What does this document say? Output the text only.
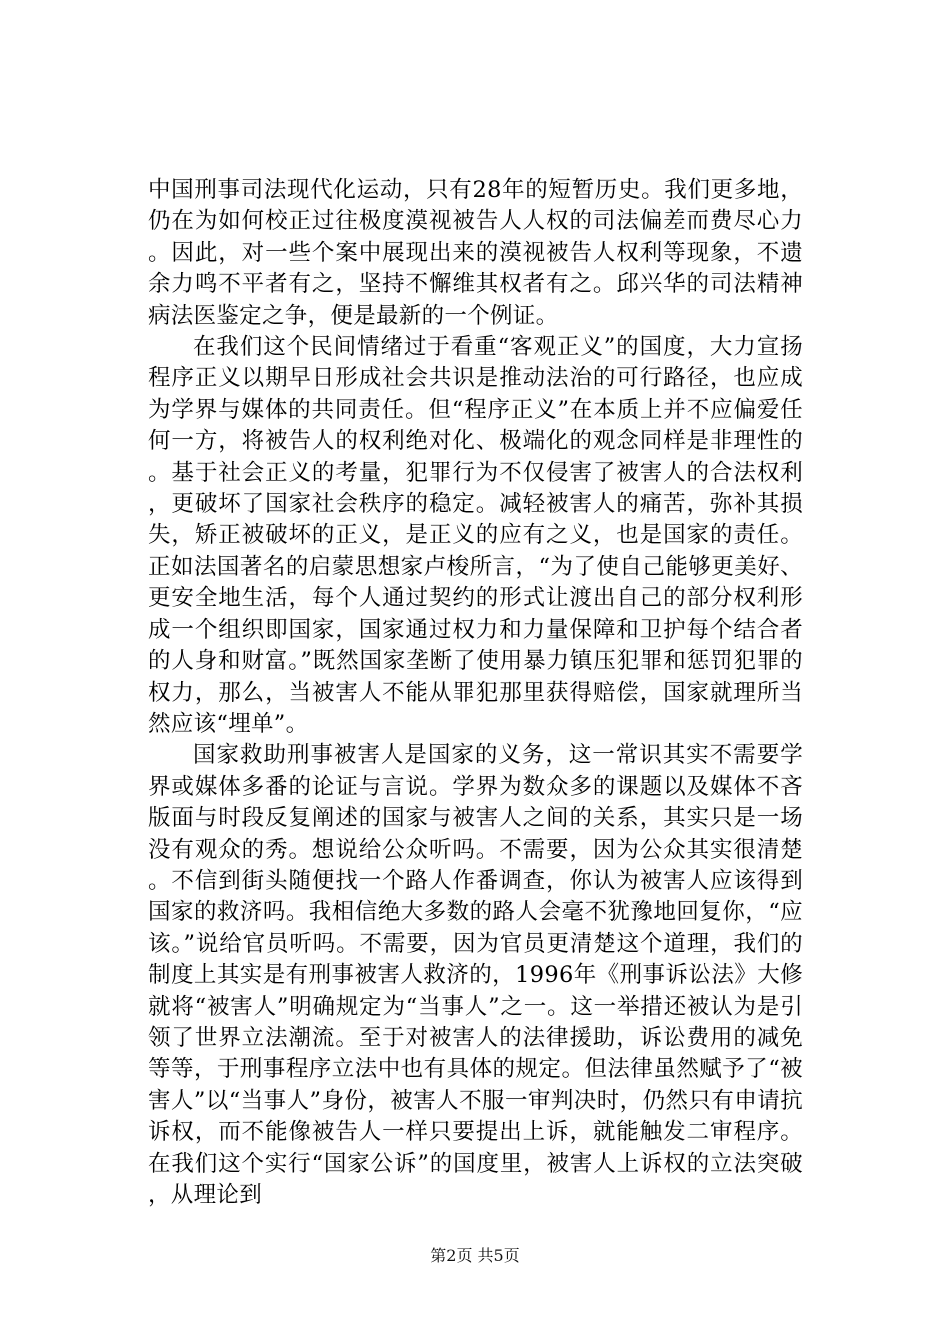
中国刑事司法现代化运动，只有28年的短暂历史。我们更多地，仍在为如何校正过往极度漠视被告人人权的司法偏差而费尽心力。因此，对一些个案中展现出来的漠视被告人权利等现象，不遗余力鸣不平者有之，坚持不懈维其权者有之。邱兴华的司法精神病法医鉴定之争，便是最新的一个例证。

在我们这个民间情绪过于看重“客观正义”的国度，大力宣扬程序正义以期早日形成社会共识是推动法治的可行路径，也应成为学界与媒体的共同责任。但“程序正义”在本质上并不应偏爱任何一方，将被告人的权利绝对化、极端化的观念同样是非理性的。基于社会正义的考量，犯罪行为不仅侵害了被害人的合法权利，更破坏了国家社会秩序的稳定。减轻被害人的痛苦，弥补其损失，矫正被破坏的正义，是正义的应有之义，也是国家的责任。正如法国著名的启蒙思想家卢梭所言，“为了使自己能够更美好、更安全地生活，每个人通过契约的形式让渡出自己的部分权利形成一个组织即国家，国家通过权力和力量保障和卫护每个结合者的人身和财富。”既然国家垄断了使用暴力镇压犯罪和惩罚犯罪的权力，那么，当被害人不能从罪犯那里获得赔偿，国家就理所当然应该“埋单”。

国家救助刑事被害人是国家的义务，这一常识其实不需要学界或媒体多番的论证与言说。学界为数众多的课题以及媒体不吝版面与时段反复阐述的国家与被害人之间的关系，其实只是一场没有观众的秀。想说给公众听吗。不需要，因为公众其实很清楚。不信到街头随便找一个路人作番调查，你认为被害人应该得到国家的救济吗。我相信绝大多数的路人会毫不犹豫地回复你，“应该。”说给官员听吗。不需要，因为官员更清楚这个道理，我们的制度上其实是有刑事被害人救济的，1996年《刑事诉讼法》大修就将“被害人”明确规定为“当事人”之一。这一举措还被认为是引领了世界立法潮流。至于对被害人的法律援助，诉讼费用的减免等等，于刑事程序立法中也有具体的规定。但法律虽然赋予了“被害人”以“当事人”身份，被害人不服一审判决时，仍然只有申请抗诉权，而不能像被告人一样只要提出上诉，就能触发二审程序。在我们这个实行“国家公诉”的国度里，被害人上诉权的立法突破，从理论到

第2页 共5页
